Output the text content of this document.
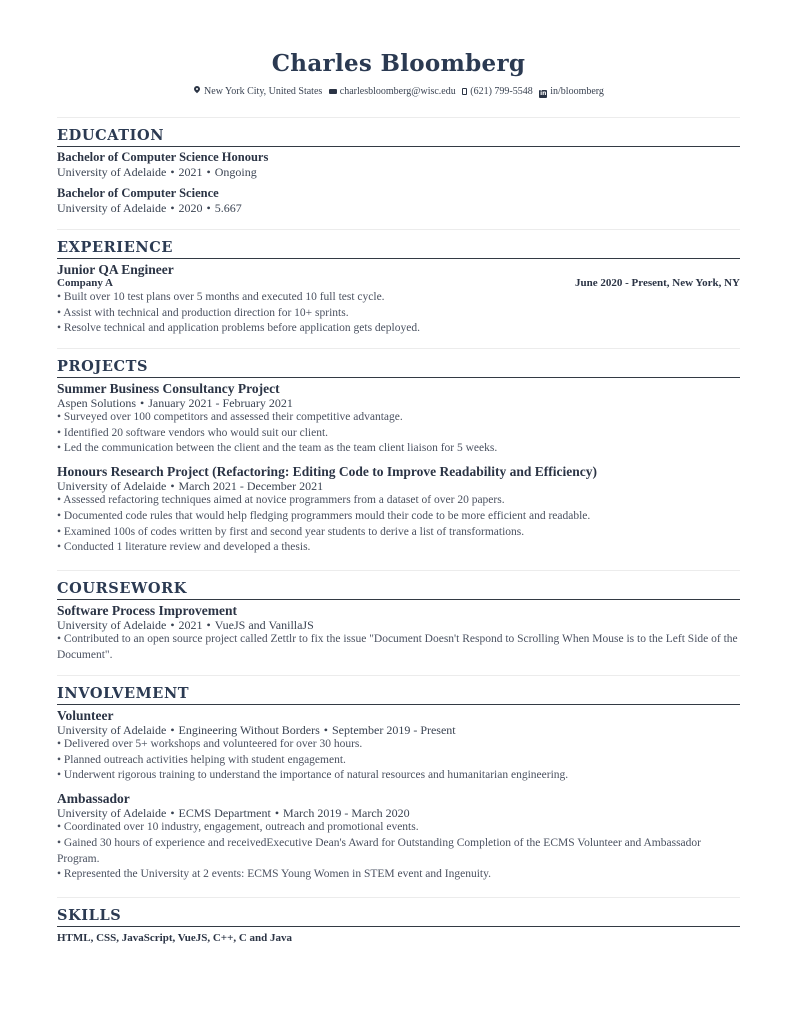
Charles Bloomberg
New York City, United States charlesbloomberg@wisc.edu (621) 799-5548 in in/bloomberg
EDUCATION
Bachelor of Computer Science Honours
University of Adelaide • 2021 • Ongoing
Bachelor of Computer Science
University of Adelaide • 2020 • 5.667
EXPERIENCE
Junior QA Engineer
Company A	June 2020 - Present, New York, NY
• Built over 10 test plans over 5 months and executed 10 full test cycle.
• Assist with technical and production direction for 10+ sprints.
• Resolve technical and application problems before application gets deployed.
PROJECTS
Summer Business Consultancy Project
Aspen Solutions • January 2021 - February 2021
• Surveyed over 100 competitors and assessed their competitive advantage.
• Identified 20 software vendors who would suit our client.
• Led the communication between the client and the team as the team client liaison for 5 weeks.
Honours Research Project (Refactoring: Editing Code to Improve Readability and Efficiency)
University of Adelaide • March 2021 - December 2021
• Assessed refactoring techniques aimed at novice programmers from a dataset of over 20 papers.
• Documented code rules that would help fledging programmers mould their code to be more efficient and readable.
• Examined 100s of codes written by first and second year students to derive a list of transformations.
• Conducted 1 literature review and developed a thesis.
COURSEWORK
Software Process Improvement
University of Adelaide • 2021 • VueJS and VanillaJS
• Contributed to an open source project called Zettlr to fix the issue "Document Doesn't Respond to Scrolling When Mouse is to the Left Side of the Document".
INVOLVEMENT
Volunteer
University of Adelaide • Engineering Without Borders • September 2019 - Present
• Delivered over 5+ workshops and volunteered for over 30 hours.
• Planned outreach activities helping with student engagement.
• Underwent rigorous training to understand the importance of natural resources and humanitarian engineering.
Ambassador
University of Adelaide • ECMS Department • March 2019 - March 2020
• Coordinated over 10 industry, engagement, outreach and promotional events.
• Gained 30 hours of experience and receivedExecutive Dean's Award for Outstanding Completion of the ECMS Volunteer and Ambassador Program.
• Represented the University at 2 events: ECMS Young Women in STEM event and Ingenuity.
SKILLS
HTML, CSS, JavaScript, VueJS, C++, C and Java
